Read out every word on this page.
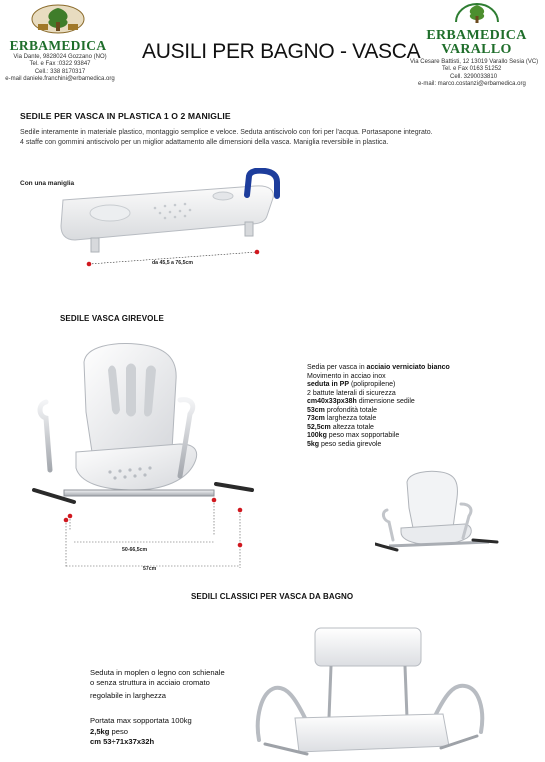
ERBAMEDICA
Via Dante, 9828024 Gozzano (NO)
Tel. e Fax :0322 93847
Cell.: 338 8170317
e-mail daniele.franchini@erbamedica.org
AUSILI PER BAGNO - VASCA
ERBAMEDICA
VARALLO
Via Cesare Battisti, 12 13019 Varallo Sesia (VC)
Tel. e Fax 0163 51252
Cell. 3290033810
e-mail: marco.costanzi@erbamedica.org
SEDILE PER VASCA IN PLASTICA 1 O 2 MANIGLIE
Sedile interamente in materiale plastico, montaggio semplice e veloce. Seduta antiscivolo con fori per l'acqua. Portasapone integrato.
4 staffe con gommini antiscivolo per un miglior adattamento alle dimensioni della vasca. Maniglia reversibile in plastica.
Con una maniglia
da 45,5 a 76,5cm
SEDILE VASCA GIREVOLE
50-66,5cm
57cm
Sedia per vasca in acciaio verniciato bianco
Movimento in acciao inox
seduta in PP (polipropilene)
2 battute laterali di sicurezza
cm40x33px38h dimensione sedile
53cm profondità totale
73cm larghezza totale
52,5cm altezza totale
100kg peso max sopportabile
5kg peso sedia girevole
SEDILI CLASSICI PER VASCA DA BAGNO
Seduta in moplen o legno con schienale
o senza struttura in acciaio cromato
regolabile in larghezza
Portata max sopportata 100kg
2,5kg peso
cm 53÷71x37x32h
